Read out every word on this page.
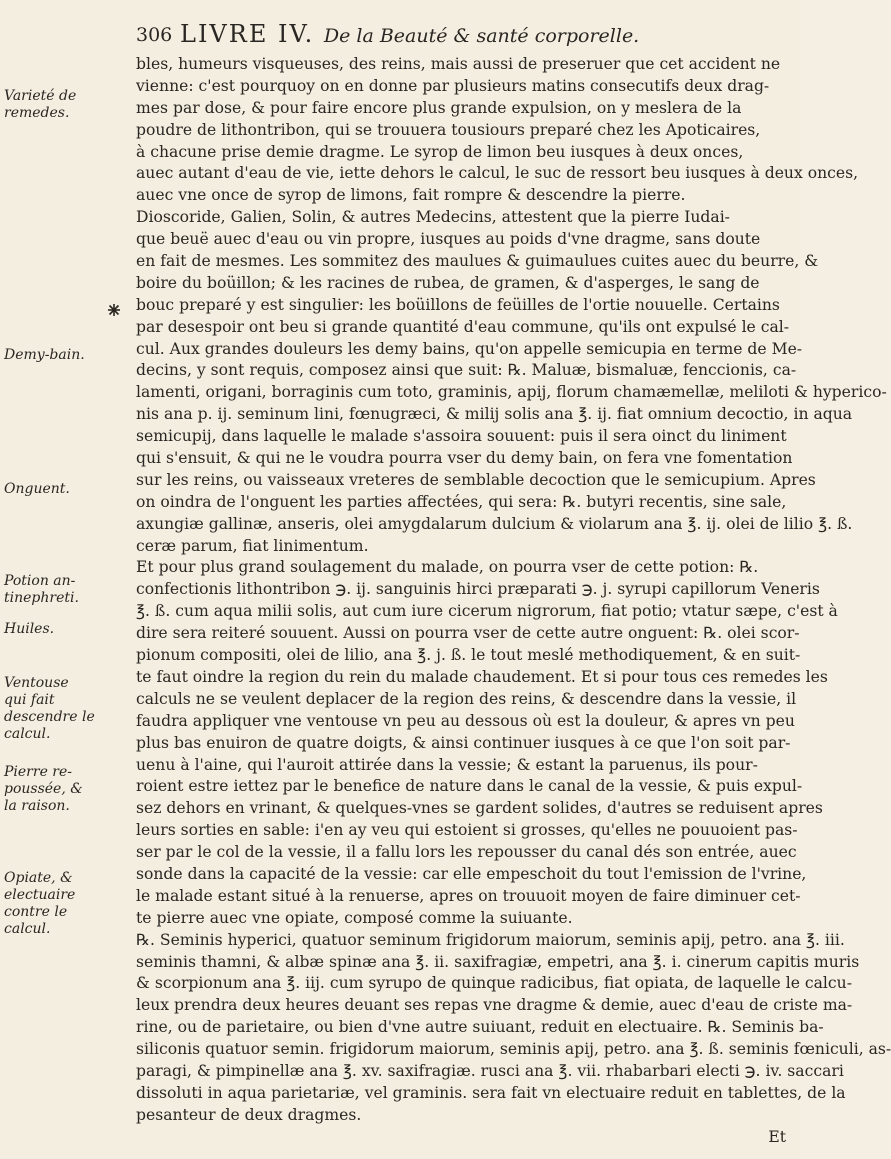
306 LIVRE IV. De la Beauté & santé corporelle.
Varieté de
remedes.
Demy-bain.
Onguent.
Potion an-
tinephreti.
Huiles.
Ventouse
qui fait
descendre le
calcul.
Pierre re-
poussée, &
la raison.
Opiate, &
electuaire
contre le
calcul.
bles, humeurs visqueuses, des reins, mais aussi de preseruer que cet accident ne
vienne: c'est pourquoy on en donne par plusieurs matins consecutifs deux drag-
mes par dose, & pour faire encore plus grande expulsion, on y meslera de la
poudre de lithontribon, qui se trouuera tousiours preparé chez les Apoticaires,
à chacune prise demie dragme. Le syrop de limon beu iusques à deux onces,
auec autant d'eau de vie, iette dehors le calcul, le suc de ressort beu iusques à deux onces,
auec vne once de syrop de limons, fait rompre & descendre la pierre.
Dioscoride, Galien, Solin, & autres Medecins, attestent que la pierre Iudai-
que beuë auec d'eau ou vin propre, iusques au poids d'vne dragme, sans doute
en fait de mesmes. Les sommitez des maulues & guimaulues cuites auec du beurre, &
boire du boüillon; & les racines de rubea, de gramen, & d'asperges, le sang de
bouc preparé y est singulier: les boüillons de feüilles de l'ortie nouuelle. Certains
par desespoir ont beu si grande quantité d'eau commune, qu'ils ont expulsé le cal-
cul. Aux grandes douleurs les demy bains, qu'on appelle semicupia en terme de Me-
decins, y sont requis, composez ainsi que suit: ℞. Maluæ, bismaluæ, fenccionis, ca-
lamenti, origani, borraginis cum toto, graminis, apij, florum chamæmellæ, meliloti & hyperico-
nis ana p. ij. seminum lini, fœnugræci, & milij solis ana ℥. ij. fiat omnium decoctio, in aqua
semicupij, dans laquelle le malade s'assoira souuent: puis il sera oinct du liniment
qui s'ensuit, & qui ne le voudra pourra vser du demy bain, on fera vne fomentation
sur les reins, ou vaisseaux vreteres de semblable decoction que le semicupium. Apres
on oindra de l'onguent les parties affectées, qui sera: ℞. butyri recentis, sine sale,
axungiæ gallinæ, anseris, olei amygdalarum dulcium & violarum ana ℥. ij. olei de lilio ℥. ß.
ceræ parum, fiat linimentum.
Et pour plus grand soulagement du malade, on pourra vser de cette potion: ℞.
confectionis lithontribon ℈. ij. sanguinis hirci præparati ℈. j. syrupi capillorum Veneris
℥. ß. cum aqua milii solis, aut cum iure cicerum nigrorum, fiat potio; vtatur sæpe, c'est à
dire sera reiteré souuent. Aussi on pourra vser de cette autre onguent: ℞. olei scor-
pionum compositi, olei de lilio, ana ℥. j. ß. le tout meslé methodiquement, & en suit-
te faut oindre la region du rein du malade chaudement. Et si pour tous ces remedes les
calculs ne se veulent deplacer de la region des reins, & descendre dans la vessie, il
faudra appliquer vne ventouse vn peu au dessous où est la douleur, & apres vn peu
plus bas enuiron de quatre doigts, & ainsi continuer iusques à ce que l'on soit par-
uenu à l'aine, qui l'auroit attirée dans la vessie; & estant la paruenus, ils pour-
roient estre iettez par le benefice de nature dans le canal de la vessie, & puis expul-
sez dehors en vrinant, & quelques-vnes se gardent solides, d'autres se reduisent apres
leurs sorties en sable: i'en ay veu qui estoient si grosses, qu'elles ne pouuoient pas-
ser par le col de la vessie, il a fallu lors les repousser du canal dés son entrée, auec
sonde dans la capacité de la vessie: car elle empeschoit du tout l'emission de l'vrine,
le malade estant situé à la renuerse, apres on trouuoit moyen de faire diminuer cet-
te pierre auec vne opiate, composé comme la suiuante.
℞. Seminis hyperici, quatuor seminum frigidorum maiorum, seminis apij, petro. ana ℥. iii.
seminis thamni, & albæ spinæ ana ℥. ii. saxifragiæ, empetri, ana ℥. i. cinerum capitis muris
& scorpionum ana ℥. iij. cum syrupo de quinque radicibus, fiat opiata, de laquelle le calcu-
leux prendra deux heures deuant ses repas vne dragme & demie, auec d'eau de criste ma-
rine, ou de parietaire, ou bien d'vne autre suiuant, reduit en electuaire. ℞. Seminis ba-
siliconis quatuor semin. frigidorum maiorum, seminis apij, petro. ana ℥. ß. seminis fœniculi, as-
paragi, & pimpinellæ ana ℥. xv. saxifragiæ. rusci ana ℥. vii. rhabarbari electi ℈. iv. saccari
dissoluti in aqua parietariæ, vel graminis. sera fait vn electuaire reduit en tablettes, de la
pesanteur de deux dragmes.
Et
